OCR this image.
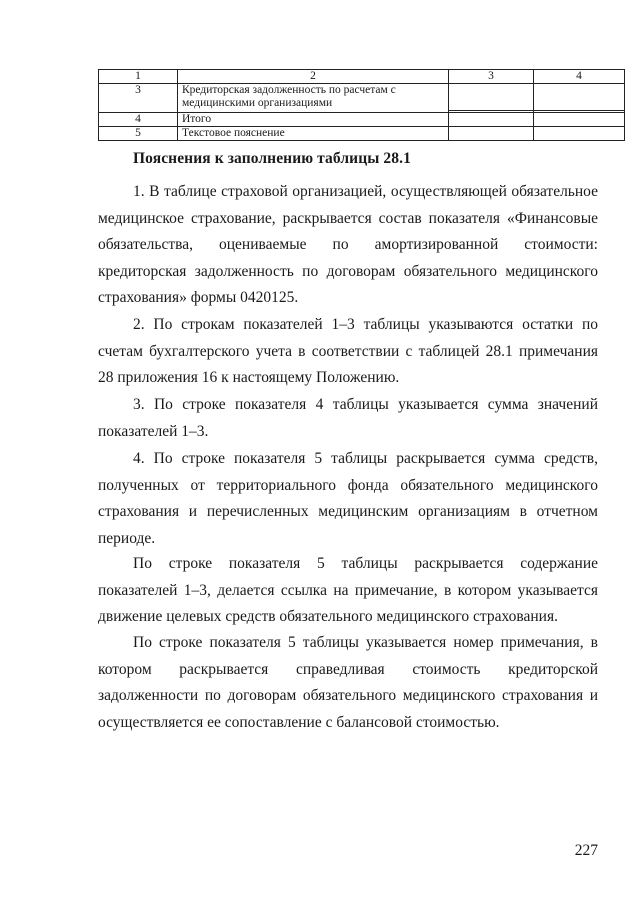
1	2	3	4
3	Кредиторская задолженность по расчетам с медицинскими организациями	

4	Итого		
5	Текстовое пояснение		
Пояснения к заполнению таблицы 28.1

1. В таблице страховой организацией, осуществляющей обязательное медицинское страхование, раскрывается состав показателя «Финансовые обязательства, оцениваемые по амортизированной стоимости: кредиторская задолженность по договорам обязательного медицинского страхования» формы 0420125.

2. По строкам показателей 1–3 таблицы указываются остатки по счетам бухгалтерского учета в соответствии с таблицей 28.1 примечания 28 приложения 16 к настоящему Положению.

3. По строке показателя 4 таблицы указывается сумма значений показателей 1–3.

4. По строке показателя 5 таблицы раскрывается сумма средств, полученных от территориального фонда обязательного медицинского страхования и перечисленных медицинским организациям в отчетном периоде.

По строке показателя 5 таблицы раскрывается содержание показателей 1–3, делается ссылка на примечание, в котором указывается движение целевых средств обязательного медицинского страхования.

По строке показателя 5 таблицы указывается номер примечания, в котором раскрывается справедливая стоимость кредиторской задолженности по договорам обязательного медицинского страхования и осуществляется ее сопоставление с балансовой стоимостью.

227
